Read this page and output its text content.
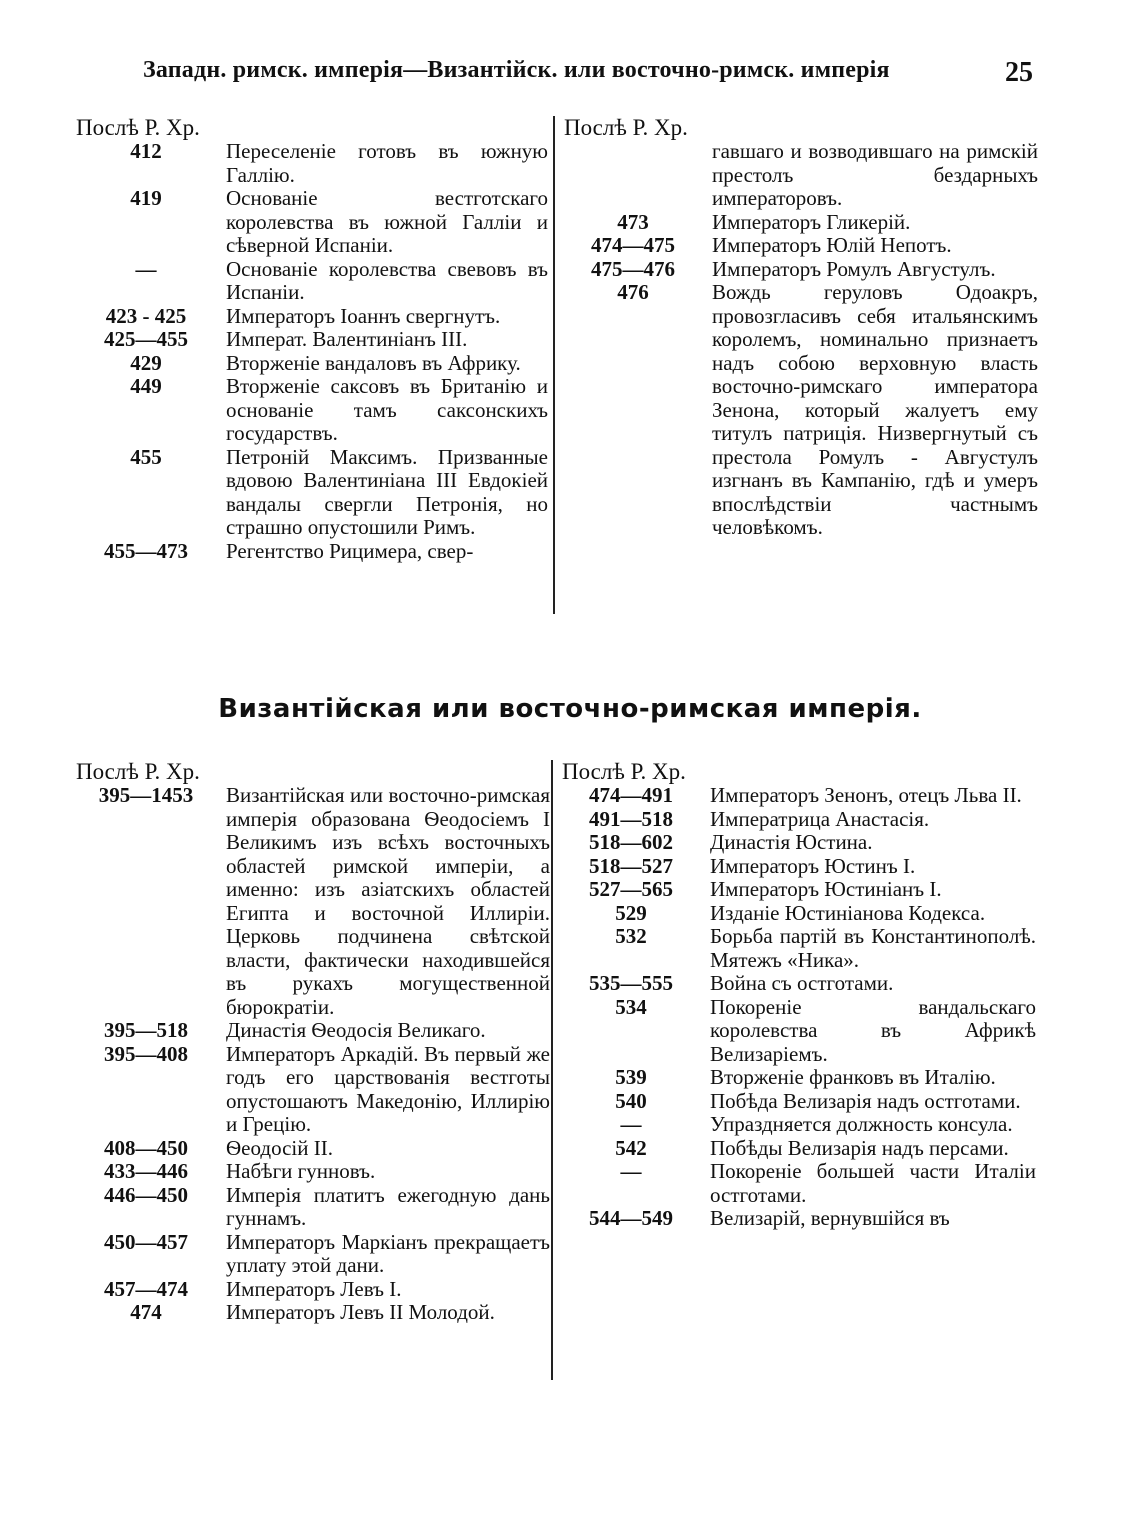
Западн. римск. имперія—Византійск. или восточно-римск. имперія	25
Послѣ Р. Хр.
412	Переселеніе готовъ въ южную Галлію.
419	Основаніе вестготскаго королевства въ южной Галліи и сѣверной Испаніи.
—	Основаніе королевства свевовъ въ Испаніи.
423 - 425	Императоръ Іоаннъ свергнутъ.
425—455	Императ. Валентиніанъ III.
429	Вторженіе вандаловъ въ Африку.
449	Вторженіе саксовъ въ Британію и основаніе тамъ саксонскихъ государствъ.
455	Петроній Максимъ. Призванные вдовою Валентиніана III Евдокіей вандалы свергли Петронія, но страшно опустошили Римъ.
455—473	Регентство Рицимера, свер-
Послѣ Р. Хр.
гавшаго и возводившаго на римскій престолъ бездарныхъ императоровъ.
473	Императоръ Гликерій.
474—475	Императоръ Юлій Непотъ.
475—476	Императоръ Ромулъ Августулъ.
476	Вождь геруловъ Одоакръ, провозгласивъ себя итальянскимъ королемъ, номинально признаетъ надъ собою верховную власть восточно-римскаго императора Зенона, который жалуетъ ему титулъ патриція. Низвергнутый съ престола Ромулъ - Августулъ изгнанъ въ Кампанію, гдѣ и умеръ впослѣдствіи частнымъ человѣкомъ.
Византійская или восточно-римская имперія.
Послѣ Р. Хр.
395—1453	Византійская или восточно-римская имперія образована Ѳеодосіемъ I Великимъ изъ всѣхъ восточныхъ областей римской имперіи, а именно: изъ азіатскихъ областей Египта и восточной Иллиріи. Церковь подчинена свѣтской власти, фактически находившейся въ рукахъ могущественной бюрократіи.
395—518	Династія Ѳеодосія Великаго.
395—408	Императоръ Аркадій. Въ первый же годъ его царствованія вестготы опустошаютъ Македонію, Иллирію и Грецію.
408—450	Ѳеодосій II.
433—446	Набѣги гунновъ.
446—450	Имперія платитъ ежегодную дань гуннамъ.
450—457	Императоръ Маркіанъ прекращаетъ уплату этой дани.
457—474	Императоръ Левъ I.
474	Императоръ Левъ II Молодой.
Послѣ Р. Хр.
474—491	Императоръ Зенонъ, отецъ Льва II.
491—518	Императрица Анастасія.
518—602	Династія Юстина.
518—527	Императоръ Юстинъ I.
527—565	Императоръ Юстиніанъ I.
529	Изданіе Юстиніанова Кодекса.
532	Борьба партій въ Константинополѣ. Мятежъ «Ника».
535—555	Война съ остготами.
534	Покореніе вандальскаго королевства въ Африкѣ Велизаріемъ.
539	Вторженіе франковъ въ Италію.
540	Побѣда Велизарія надъ остготами.
—	Упраздняется должность консула.
542	Побѣды Велизарія надъ персами.
—	Покореніе большей части Италіи остготами.
544—549	Велизарій, вернувшійся въ
